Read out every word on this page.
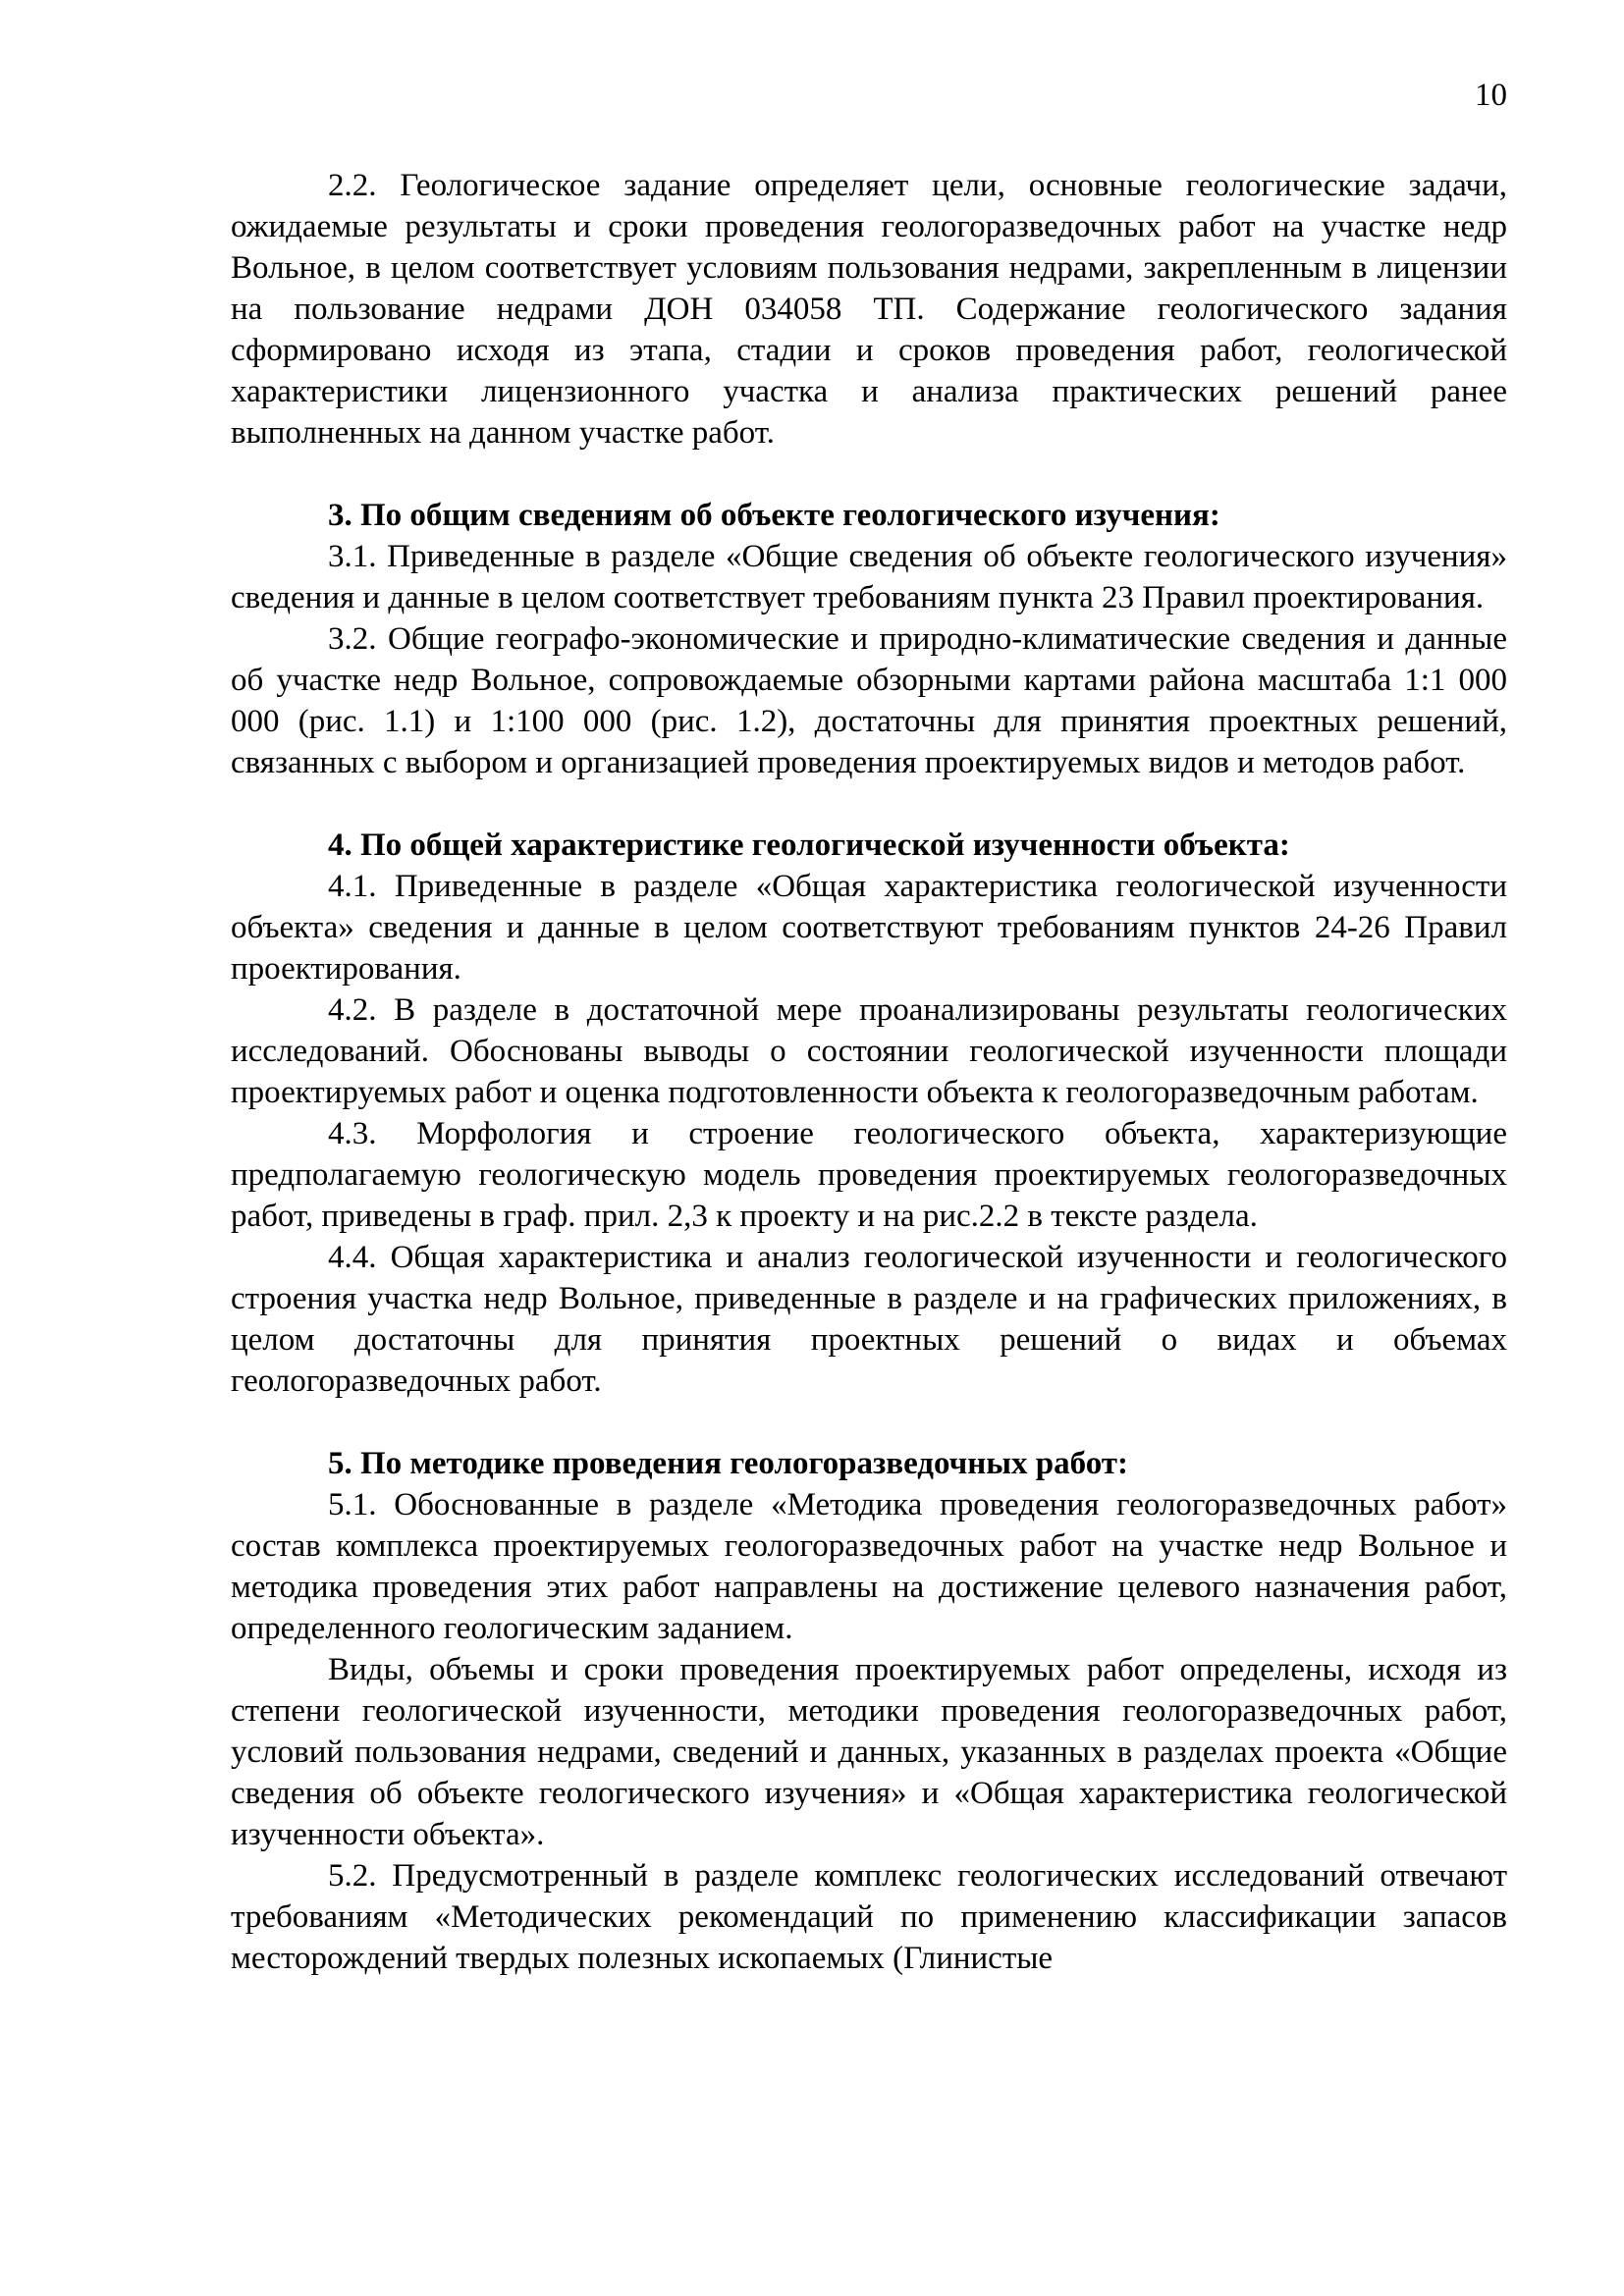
10

2.2. Геологическое задание определяет цели, основные геологические задачи, ожидаемые результаты и сроки проведения геологоразведочных работ на участке недр Вольное, в целом соответствует условиям пользования недрами, закрепленным в лицензии на пользование недрами ДОН 034058 ТП. Содержание геологического задания сформировано исходя из этапа, стадии и сроков проведения работ, геологической характеристики лицензионного участка и анализа практических решений ранее выполненных на данном участке работ.

3. По общим сведениям об объекте геологического изучения:

3.1. Приведенные в разделе «Общие сведения об объекте геологического изучения» сведения и данные в целом соответствует требованиям пункта 23 Правил проектирования.

3.2. Общие географо-экономические и природно-климатические сведения и данные об участке недр Вольное, сопровождаемые обзорными картами района масштаба 1:1 000 000 (рис. 1.1) и 1:100 000 (рис. 1.2), достаточны для принятия проектных решений, связанных с выбором и организацией проведения проектируемых видов и методов работ.

4. По общей характеристике геологической изученности объекта:

4.1. Приведенные в разделе «Общая характеристика геологической изученности объекта» сведения и данные в целом соответствуют требованиям пунктов 24-26 Правил проектирования.

4.2. В разделе в достаточной мере проанализированы результаты геологических исследований. Обоснованы выводы о состоянии геологической изученности площади проектируемых работ и оценка подготовленности объекта к геологоразведочным работам.

4.3. Морфология и строение геологического объекта, характеризующие предполагаемую геологическую модель проведения проектируемых геологоразведочных работ, приведены в граф. прил. 2,3 к проекту и на рис.2.2 в тексте раздела.

4.4. Общая характеристика и анализ геологической изученности и геологического строения участка недр Вольное, приведенные в разделе и на графических приложениях, в целом достаточны для принятия проектных решений о видах и объемах геологоразведочных работ.

5. По методике проведения геологоразведочных работ:

5.1. Обоснованные в разделе «Методика проведения геологоразведочных работ» состав комплекса проектируемых геологоразведочных работ на участке недр Вольное и методика проведения этих работ направлены на достижение целевого назначения работ, определенного геологическим заданием.

Виды, объемы и сроки проведения проектируемых работ определены, исходя из степени геологической изученности, методики проведения геологоразведочных работ, условий пользования недрами, сведений и данных, указанных в разделах проекта «Общие сведения об объекте геологического изучения» и «Общая характеристика геологической изученности объекта».

5.2. Предусмотренный в разделе комплекс геологических исследований отвечают требованиям «Методических рекомендаций по применению классификации запасов месторождений твердых полезных ископаемых (Глинистые
